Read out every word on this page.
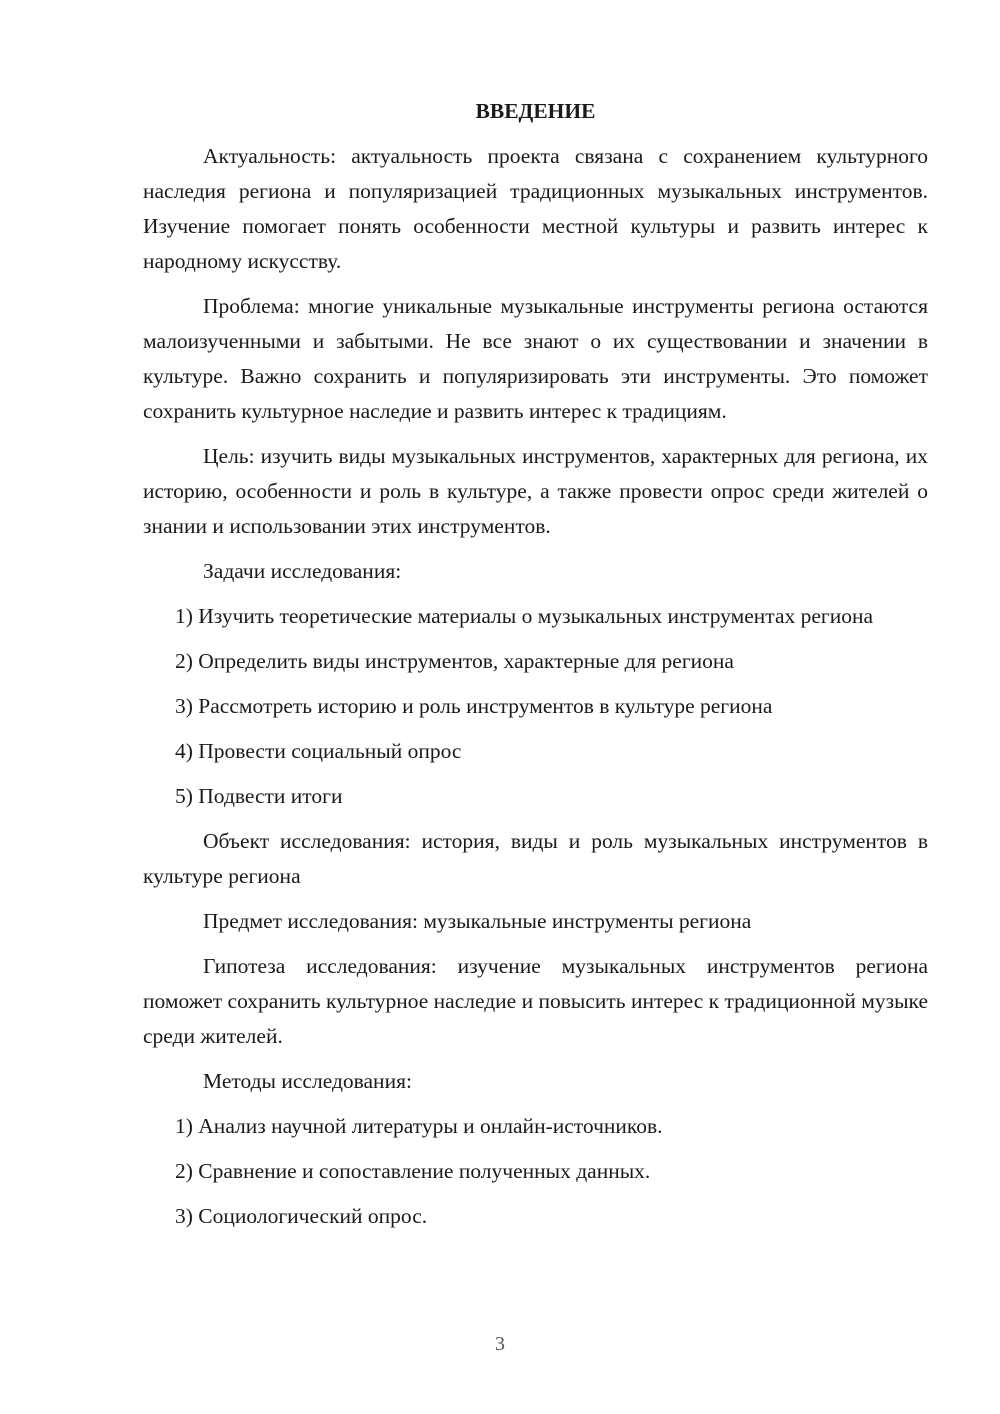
ВВЕДЕНИЕ

Актуальность: актуальность проекта связана с сохранением культурного наследия региона и популяризацией традиционных музыкальных инструментов. Изучение помогает понять особенности местной культуры и развить интерес к народному искусству.

Проблема: многие уникальные музыкальные инструменты региона остаются малоизученными и забытыми. Не все знают о их существовании и значении в культуре. Важно сохранить и популяризировать эти инструменты. Это поможет сохранить культурное наследие и развить интерес к традициям.

Цель: изучить виды музыкальных инструментов, характерных для региона, их историю, особенности и роль в культуре, а также провести опрос среди жителей о знании и использовании этих инструментов.

Задачи исследования:

1) Изучить теоретические материалы о музыкальных инструментах региона

2) Определить виды инструментов, характерные для региона

3) Рассмотреть историю и роль инструментов в культуре региона

4) Провести социальный опрос

5) Подвести итоги

Объект исследования: история, виды и роль музыкальных инструментов в культуре региона

Предмет исследования: музыкальные инструменты региона

Гипотеза исследования: изучение музыкальных инструментов региона поможет сохранить культурное наследие и повысить интерес к традиционной музыке среди жителей.

Методы исследования:

1) Анализ научной литературы и онлайн-источников.

2) Сравнение и сопоставление полученных данных.

3) Социологический опрос.

3
